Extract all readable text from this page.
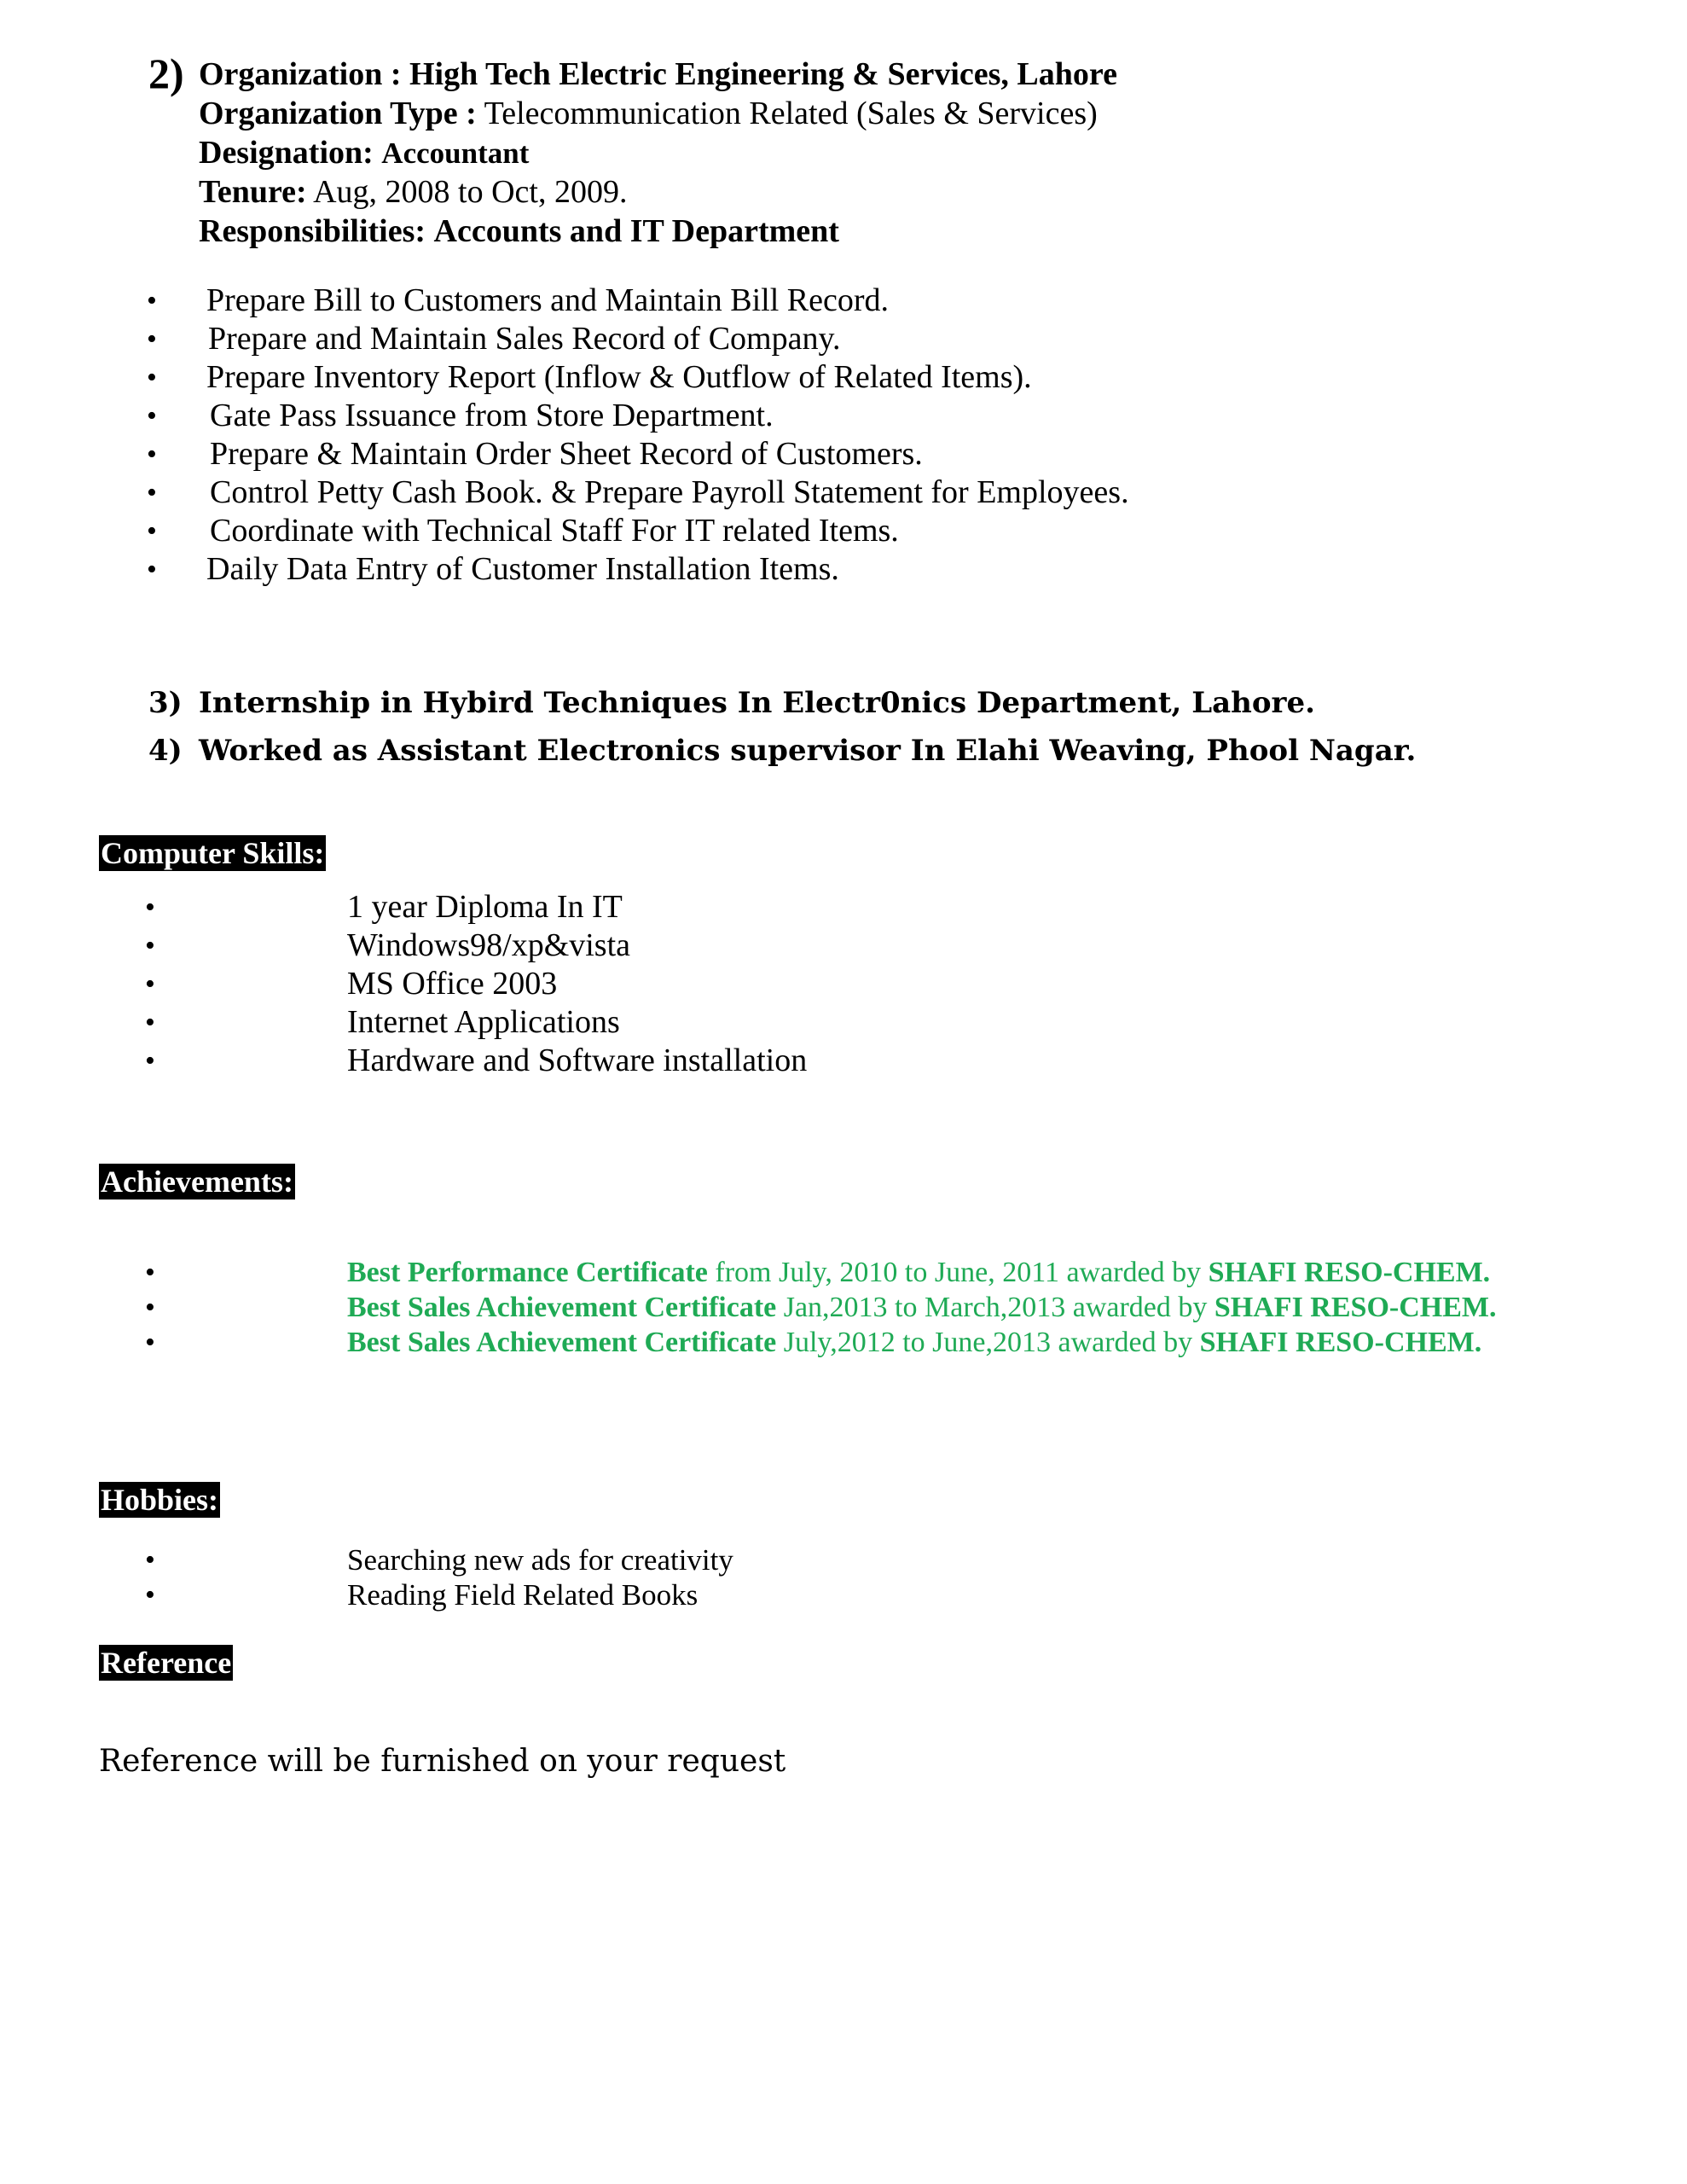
2) Organization : High Tech Electric Engineering & Services, Lahore
Organization Type : Telecommunication Related (Sales & Services)
Designation: Accountant
Tenure: Aug, 2008 to Oct, 2009.
Responsibilities: Accounts and IT Department
• Prepare Bill to Customers and Maintain Bill Record.
• Prepare and Maintain Sales Record of Company.
• Prepare Inventory Report (Inflow & Outflow of Related Items).
• Gate Pass Issuance from Store Department.
• Prepare & Maintain Order Sheet Record of Customers.
• Control Petty Cash Book. & Prepare Payroll Statement for Employees.
• Coordinate with Technical Staff For IT related Items.
• Daily Data Entry of Customer Installation Items.
3) Internship in Hybird Techniques In Electr0nics Department, Lahore.
4) Worked as Assistant Electronics supervisor In Elahi Weaving, Phool Nagar.
Computer Skills:
•	1 year Diploma In IT
•	Windows98/xp&vista
•	MS Office 2003
•	Internet Applications
•	Hardware and Software installation
Achievements:
•	Best Performance Certificate from July, 2010 to June, 2011 awarded by SHAFI RESO-CHEM.
•	Best Sales Achievement Certificate Jan,2013 to March,2013 awarded by SHAFI RESO-CHEM.
•	Best Sales Achievement Certificate July,2012 to June,2013 awarded by SHAFI RESO-CHEM.
Hobbies:
•	Searching new ads for creativity
•	Reading Field Related Books
Reference
Reference will be furnished on your request
